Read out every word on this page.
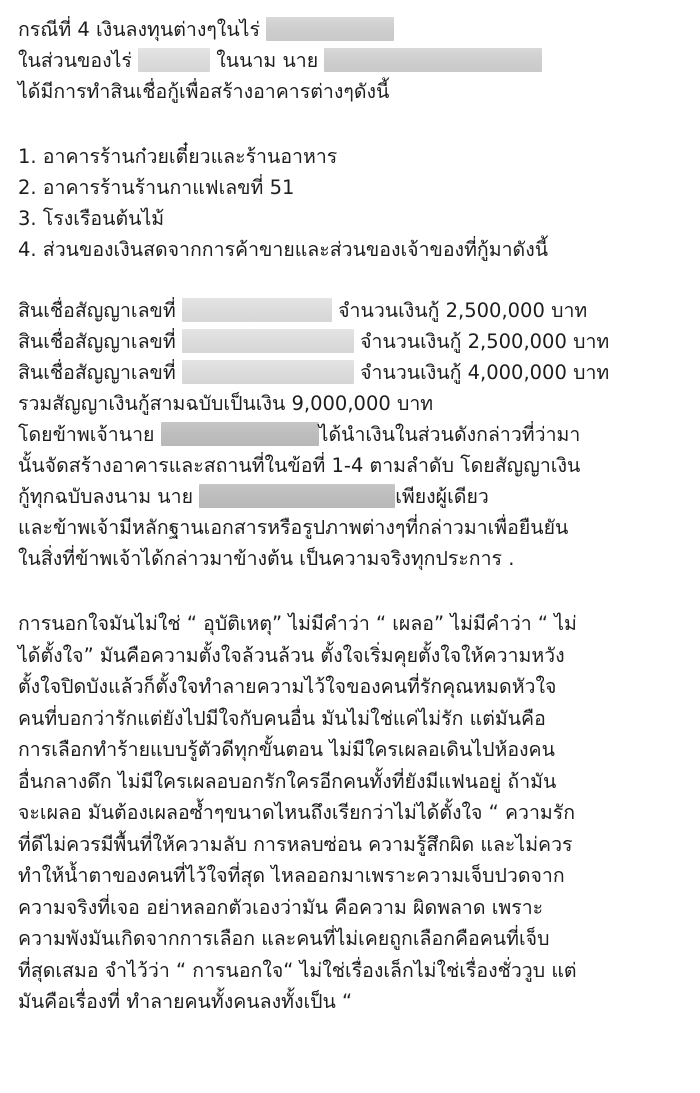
กรณีที่ 4 เงินลงทุนต่างๆในไร่
ในส่วนของไร่	ในนาม นาย
ได้มีการทำสินเชื่อกู้เพื่อสร้างอาคารต่างๆดังนี้
1. อาคารร้านก๋วยเตี๋ยวและร้านอาหาร
2. อาคารร้านร้านกาแฟเลขที่ 51
3. โรงเรือนต้นไม้
4. ส่วนของเงินสดจากการค้าขายและส่วนของเจ้าของที่กู้มาดังนี้
สินเชื่อสัญญาเลขที่	จำนวนเงินกู้ 2,500,000 บาท
สินเชื่อสัญญาเลขที่	จำนวนเงินกู้ 2,500,000 บาท
สินเชื่อสัญญาเลขที่	จำนวนเงินกู้ 4,000,000 บาท
รวมสัญญาเงินกู้สามฉบับเป็นเงิน 9,000,000 บาท
โดยข้าพเจ้านาย	ได้นำเงินในส่วนดังกล่าวที่ว่ามา
นั้นจัดสร้างอาคารและสถานที่ในข้อที่ 1-4 ตามลำดับ โดยสัญญาเงิน
กู้ทุกฉบับลงนาม นาย	เพียงผู้เดียว
และข้าพเจ้ามีหลักฐานเอกสารหรือรูปภาพต่างๆที่กล่าวมาเพื่อยืนยัน
ในสิ่งที่ข้าพเจ้าได้กล่าวมาข้างต้น เป็นความจริงทุกประการ .
การนอกใจมันไม่ใช่ “ อุบัติเหตุ” ไม่มีคำว่า “ เผลอ” ไม่มีคำว่า “ ไม่
ได้ตั้งใจ” มันคือความตั้งใจล้วนล้วน ตั้งใจเริ่มคุยตั้งใจให้ความหวัง
ตั้งใจปิดบังแล้วก็ตั้งใจทำลายความไว้ใจของคนที่รักคุณหมดหัวใจ
คนที่บอกว่ารักแต่ยังไปมีใจกับคนอื่น มันไม่ใช่แค่ไม่รัก แต่มันคือ
การเลือกทำร้ายแบบรู้ตัวดีทุกขั้นตอน ไม่มีใครเผลอเดินไปห้องคน
อื่นกลางดึก ไม่มีใครเผลอบอกรักใครอีกคนทั้งที่ยังมีแฟนอยู่ ถ้ามัน
จะเผลอ มันต้องเผลอซ้ำๆขนาดไหนถึงเรียกว่าไม่ได้ตั้งใจ “ ความรัก
ที่ดีไม่ควรมีพื้นที่ให้ความลับ การหลบซ่อน ความรู้สึกผิด และไม่ควร
ทำให้น้ำตาของคนที่ไว้ใจที่สุด ไหลออกมาเพราะความเจ็บปวดจาก
ความจริงที่เจอ อย่าหลอกตัวเองว่ามัน คือความ ผิดพลาด เพราะ
ความพังมันเกิดจากการเลือก และคนที่ไม่เคยถูกเลือกคือคนที่เจ็บ
ที่สุดเสมอ จำไว้ว่า “ การนอกใจ“ ไม่ใช่เรื่องเล็กไม่ใช่เรื่องชั่ววูบ แต่
มันคือเรื่องที่ ทำลายคนทั้งคนลงทั้งเป็น “
